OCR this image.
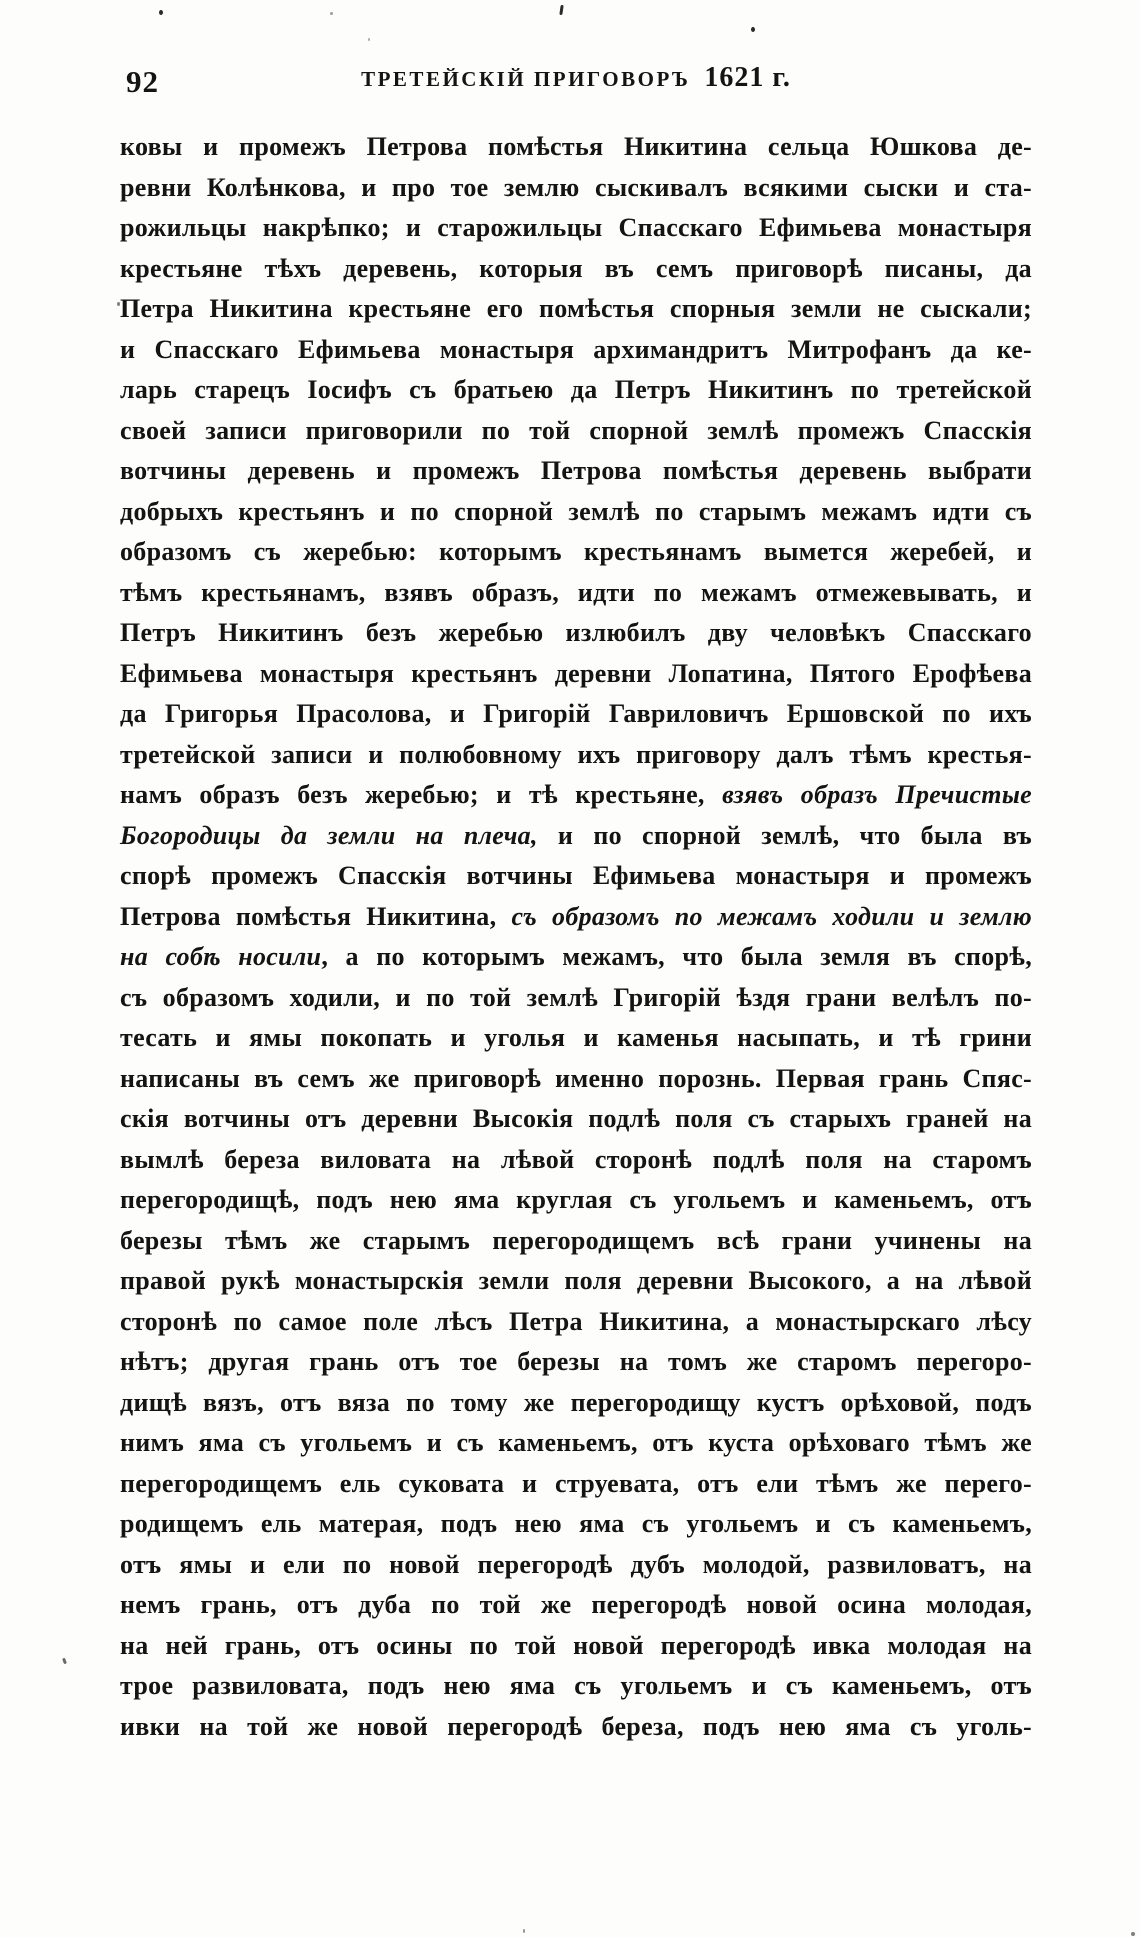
92	ТРЕТЕЙСКІЙ ПРИГОВОРЪ 1621 г.
ковы и промежъ Петрова помѣстья Никитина сельца Юшкова де-
ревни Колѣнкова, и про тое землю сыскивалъ всякими сыски и ста-
рожильцы накрѣпко; и старожильцы Спасскаго Ефимьева монастыря
крестьяне тѣхъ деревень, которыя въ семъ приговорѣ писаны, да
Петра Никитина крестьяне его помѣстья спорныя земли не сыскали;
и Спасскаго Ефимьева монастыря архимандритъ Митрофанъ да ке-
ларь старецъ Іосифъ съ братьею да Петръ Никитинъ по третейской
своей записи приговорили по той спорной землѣ промежъ Спасскія
вотчины деревень и промежъ Петрова помѣстья деревень выбрати
добрыхъ крестьянъ и по спорной землѣ по старымъ межамъ идти съ
образомъ съ жеребью: которымъ крестьянамъ вымется жеребей, и
тѣмъ крестьянамъ, взявъ образъ, идти по межамъ отмежевывать, и
Петръ Никитинъ безъ жеребью излюбилъ дву человѣкъ Спасскаго
Ефимьева монастыря крестьянъ деревни Лопатина, Пятого Ерофѣева
да Григорья Прасолова, и Григорій Гавриловичъ Ершовской по ихъ
третейской записи и полюбовному ихъ приговору далъ тѣмъ крестья-
намъ образъ безъ жеребью; и тѣ крестьяне, взявъ образъ Пречистые
Богородицы да земли на плеча, и по спорной землѣ, что была въ
спорѣ промежъ Спасскія вотчины Ефимьева монастыря и промежъ
Петрова помѣстья Никитина, съ образомъ по межамъ ходили и землю
на собѣ носили, а по которымъ межамъ, что была земля въ спорѣ,
съ образомъ ходили, и по той землѣ Григорій ѣздя грани велѣлъ по-
тесать и ямы покопать и уголья и каменья насыпать, и тѣ грини
написаны въ семъ же приговорѣ именно порознь. Первая грань Спяс-
скія вотчины отъ деревни Высокія подлѣ поля съ старыхъ граней на
вымлѣ береза виловата на лѣвой сторонѣ подлѣ поля на старомъ
перегородищѣ, подъ нею яма круглая съ угольемъ и каменьемъ, отъ
березы тѣмъ же старымъ перегородищемъ всѣ грани учинены на
правой рукѣ монастырскія земли поля деревни Высокого, а на лѣвой
сторонѣ по самое поле лѣсъ Петра Никитина, а монастырскаго лѣсу
нѣтъ; другая грань отъ тое березы на томъ же старомъ перегоро-
дищѣ вязъ, отъ вяза по тому же перегородищу кустъ орѣховой, подъ
нимъ яма съ угольемъ и съ каменьемъ, отъ куста орѣховаго тѣмъ же
перегородищемъ ель суковата и струевата, отъ ели тѣмъ же перего-
родищемъ ель матерая, подъ нею яма съ угольемъ и съ каменьемъ,
отъ ямы и ели по новой перегородѣ дубъ молодой, развиловатъ, на
немъ грань, отъ дуба по той же перегородѣ новой осина молодая,
на ней грань, отъ осины по той новой перегородѣ ивка молодая на
трое развиловата, подъ нею яма съ угольемъ и съ каменьемъ, отъ
ивки на той же новой перегородѣ береза, подъ нею яма съ уголь-
